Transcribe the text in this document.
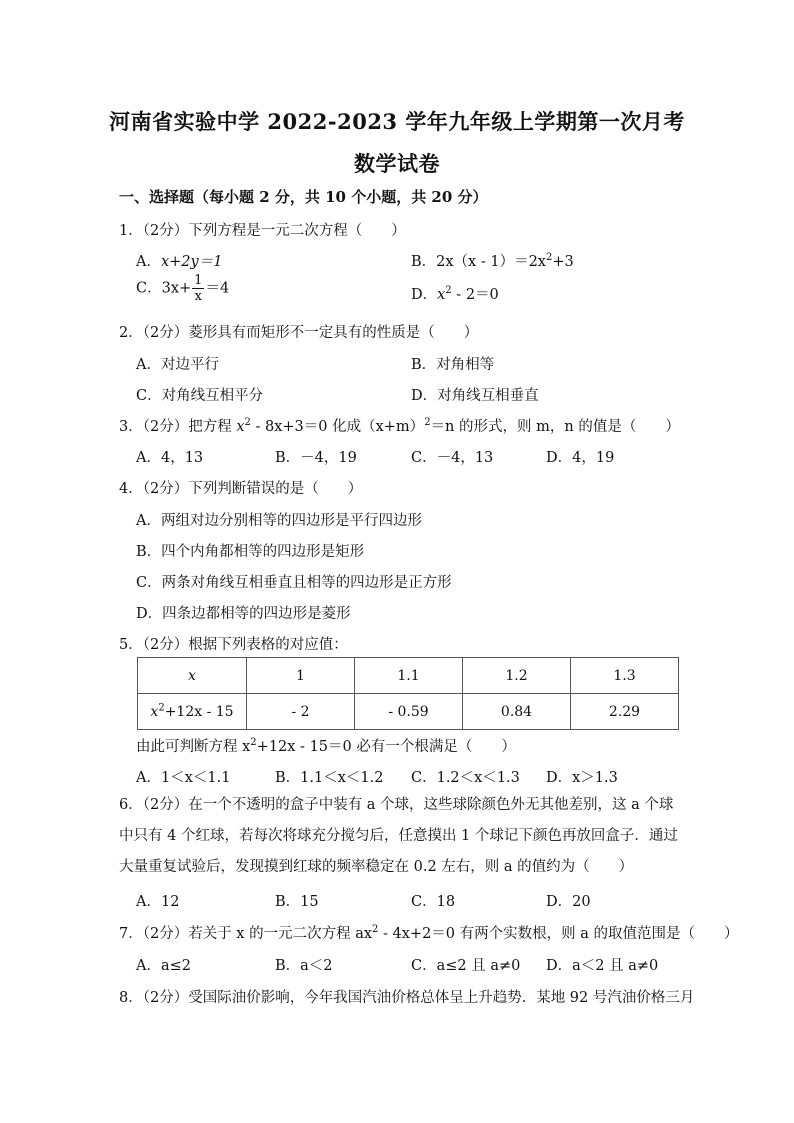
河南省实验中学 2022-2023 学年九年级上学期第一次月考
数学试卷
一、选择题（每小题 2 分，共 10 个小题，共 20 分）
1．（2分）下列方程是一元二次方程（　　）
A．x+2y＝1	B．$2x(x - 1)=2x^2+3$
C．$3x+ \frac{1}{x} =4$	D．$x^2 - 2=0$
2．（2分）菱形具有而矩形不一定具有的性质是（　　）
A．对边平行	B．对角相等
C．对角线互相平分	D．对角线互相垂直
3．（2分）把方程 $x^2 - 8x+3=0$ 化成$(x+m)^2=n$ 的形式，则 m，n 的值是（　　）
A．4，13	B．－4，19	C．－4，13	D．4，19
4．（2分）下列判断错误的是（　　）
A．两组对边分别相等的四边形是平行四边形
B．四个内角都相等的四边形是矩形
C．两条对角线互相垂直且相等的四边形是正方形
D．四条边都相等的四边形是菱形
5．（2分）根据下列表格的对应值：
x	1	1.1	1.2	1.3
$x^2+12x - 15$	- 2	- 0.59	0.84	2.29
由此可判断方程 $x^2+12x - 15=0$ 必有一个根满足（　　）
A．1＜x＜1.1	B．1.1＜x＜1.2 C．1.2＜x＜1.3 D．x＞1.3
6．（2分）在一个不透明的盒子中装有 a 个球，这些球除颜色外无其他差别，这 a 个球中只有 4 个红球，若每次将球充分搅匀后，任意摸出 1 个球记下颜色再放回盒子．通过大量重复试验后，发现摸到红球的频率稳定在 0.2 左右，则 a 的值约为（　　）
A．12	B．15	C．18	D．20
7．（2分）若关于 x 的一元二次方程 $ax^2 - 4x+2=0$ 有两个实数根，则 a 的取值范围是（　　）
A．a≤2	B．a＜2	C．a≤2 且 a≠0 D．a＜2 且 a≠0
8．（2分）受国际油价影响，今年我国汽油价格总体呈上升趋势．某地 92 号汽油价格三月
